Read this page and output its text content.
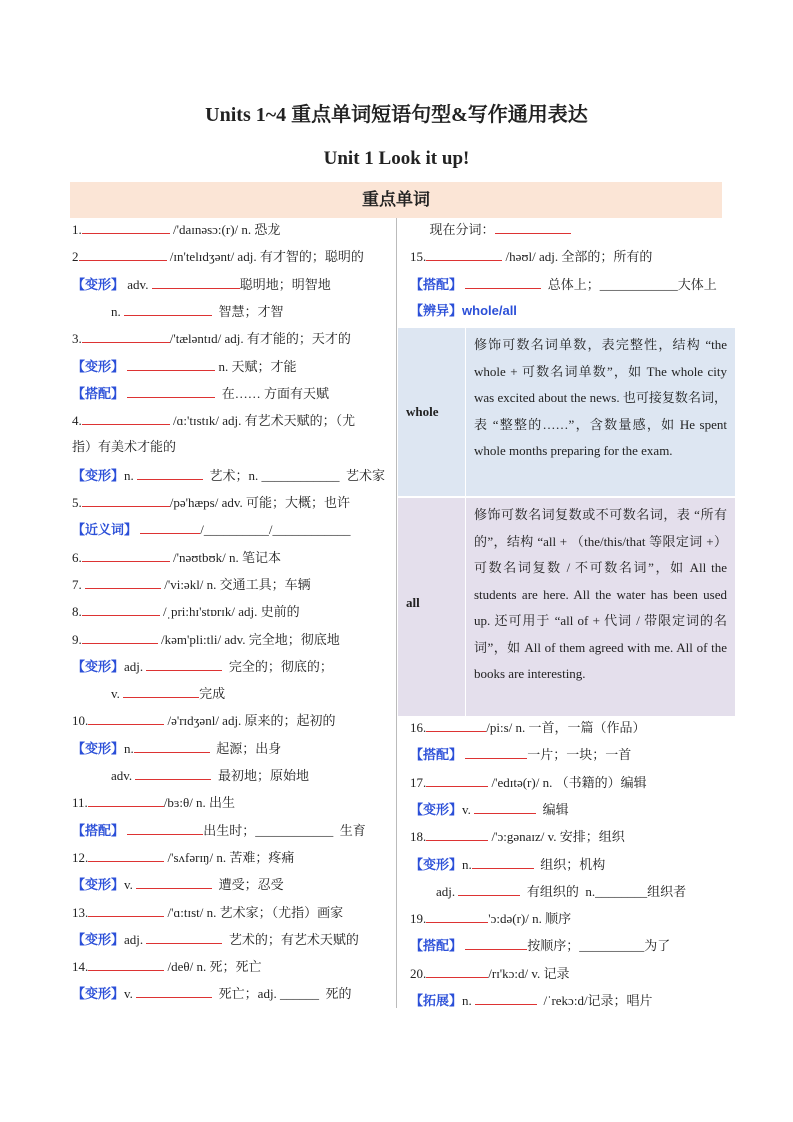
Units 1~4 重点单词短语句型&写作通用表达
Unit 1 Look it up!
重点单词
1.	/'daɪnəsɔ:(r)/ n. 恐龙
2	/ɪn'telɪdʒənt/ adj. 有才智的；聪明的
【变形】 adv.	聪明地；明智地
n.	智慧；才智
3.	/'tæləntɪd/ adj. 有才能的；天才的
【变形】	n. 天赋；才能
【搭配】	在…… 方面有天赋
4.	/ɑ:'tɪstɪk/ adj. 有艺术天赋的；（尤
指）有美术才能的
【变形】n.	艺术；n. ____________  艺术家
5.	/pə'hæps/ adv. 可能；大概；也许
【近义词】	/__________/____________
6.	/'nəʊtbʊk/ n. 笔记本
7.	/'vi:əkl/ n. 交通工具；车辆
8.	/ˌpri:hɪ'stɒrɪk/ adj. 史前的
9.	/kəm'pli:tli/ adv. 完全地；彻底地
【变形】adj.	完全的；彻底的；
v.	完成
10.	/ə'rɪdʒənl/ adj. 原来的；起初的
【变形】n.	起源；出身
adv.	最初地；原始地
11.	/bɜ:θ/ n. 出生
【搭配】	出生时；____________  生育
12.	/'sʌfərɪŋ/ n. 苦难；疼痛
【变形】v.	遭受；忍受
13.	/'ɑ:tɪst/ n. 艺术家；（尤指）画家
【变形】adj.	艺术的；有艺术天赋的
14.	/deθ/ n. 死；死亡
【变形】v.	死亡；adj. ______  死的
现在分词：
15.	/həʊl/ adj. 全部的；所有的
【搭配】	总体上；____________大体上
【辨异】whole/all
whole
修饰可数名词单数，表完整性，结构 “the whole + 可数名词单数”，如 The whole city was excited about the news. 也可接复数名词，表 “整整的……”，含数量感，如 He spent whole months preparing for the exam.
all
修饰可数名词复数或不可数名词，表 “所有的”，结构 “all + （the/this/that 等限定词 +）可数名词复数 / 不可数名词”，如 All the students are here. All the water has been used up. 还可用于 “all of + 代词 / 带限定词的名词”，如 All of them agreed with me. All of the books are interesting.
16.	/pi:s/ n. 一首，一篇（作品）
【搭配】	一片；一块；一首
17.	/'edɪtə(r)/ n. （书籍的）编辑
【变形】v.	编辑
18.	/'ɔ:gənaɪz/ v. 安排；组织
【变形】n.	组织；机构
adj.	有组织的  n.________组织者
19.	'ɔ:də(r)/ n. 顺序
【搭配】	按顺序；__________为了
20.	/rɪ'kɔ:d/ v. 记录
【拓展】n.	/ˈrekɔ:d/记录；唱片
